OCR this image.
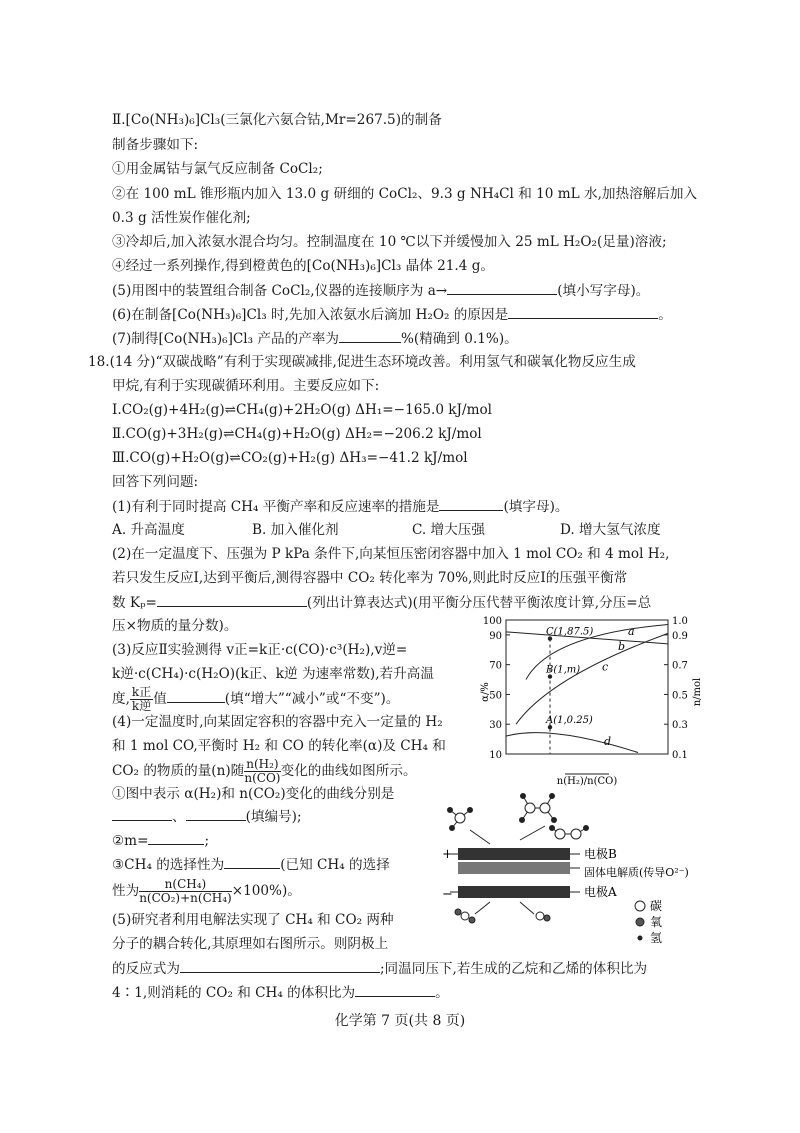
Ⅱ.[Co(NH₃)₆]Cl₃(三氯化六氨合钴,Mr=267.5)的制备
制备步骤如下:
①用金属钴与氯气反应制备 CoCl₂;
②在 100 mL 锥形瓶内加入 13.0 g 研细的 CoCl₂、9.3 g NH₄Cl 和 10 mL 水,加热溶解后加入
0.3 g 活性炭作催化剂;
③冷却后,加入浓氨水混合均匀。控制温度在 10 ℃以下并缓慢加入 25 mL H₂O₂(足量)溶液;
④经过一系列操作,得到橙黄色的[Co(NH₃)₆]Cl₃ 晶体 21.4 g。
(5)用图中的装置组合制备 CoCl₂,仪器的连接顺序为 a→	(填小写字母)。
(6)在制备[Co(NH₃)₆]Cl₃ 时,先加入浓氨水后滴加 H₂O₂ 的原因是	。
(7)制得[Co(NH₃)₆]Cl₃ 产品的产率为	%(精确到 0.1%)。
18.(14 分)“双碳战略”有利于实现碳减排,促进生态环境改善。利用氢气和碳氧化物反应生成
甲烷,有利于实现碳循环利用。主要反应如下:
Ⅰ.CO₂(g)+4H₂(g)⇌CH₄(g)+2H₂O(g) ΔH₁=−165.0 kJ/mol
Ⅱ.CO(g)+3H₂(g)⇌CH₄(g)+H₂O(g) ΔH₂=−206.2 kJ/mol
Ⅲ.CO(g)+H₂O(g)⇌CO₂(g)+H₂(g) ΔH₃=−41.2 kJ/mol
回答下列问题:
(1)有利于同时提高 CH₄ 平衡产率和反应速率的措施是	(填字母)。
A. 升高温度	B. 加入催化剂	C. 增大压强	D. 增大氢气浓度
(2)在一定温度下、压强为 P kPa 条件下,向某恒压密闭容器中加入 1 mol CO₂ 和 4 mol H₂,
若只发生反应Ⅰ,达到平衡后,测得容器中 CO₂ 转化率为 70%,则此时反应Ⅰ的压强平衡常
数 Kₚ=	(列出计算表达式)(用平衡分压代替平衡浓度计算,分压=总
压×物质的量分数)。
(3)反应Ⅱ实验测得 v正=k正·c(CO)·c³(H₂),v逆=
k逆·c(CH₄)·c(H₂O)(k正、k逆 为速率常数),若升高温
度, $\frac{\text{k正}}{\text{k逆}}$ 值	(填“增大”“减小”或“不变”)。
(4)一定温度时,向某固定容积的容器中充入一定量的 H₂
和 1 mol CO,平衡时 H₂ 和 CO 的转化率(α)及 CH₄ 和
CO₂ 的物质的量(n)随 $\frac{\text{n(H₂)}}{n(CO)}$ 变化的曲线如图所示。
①图中表示 α(H₂)和 n(CO₂)变化的曲线分别是
、	(填编号);
②m=	;
③CH₄ 的选择性为	(已知 CH₄ 的选择
性为 $\frac{\text{n(CH₄)}}{\text{n(CO₂)+n(CH₄)}} \times 100\%$)。
(5)研究者利用电解法实现了 CH₄ 和 CO₂ 两种
分子的耦合转化,其原理如右图所示。则阴极上
的反应式为	;同温同压下,若生成的乙烷和乙烯的体积比为
4∶1,则消耗的 CO₂ 和 CH₄ 的体积比为	。
10	0.1
30	0.3
50	0.5
70	0.7
90	0.9
100	1.0
α/%	n/mol
n(H₂)/n(CO)
a
b
c
d
C(1,87.5)
B(1,m)
A(1,0.25)
电极B
固体电解质(传导O²⁻)
电极A
+
−
碳
氧
氢
化学第 7 页(共 8 页)
